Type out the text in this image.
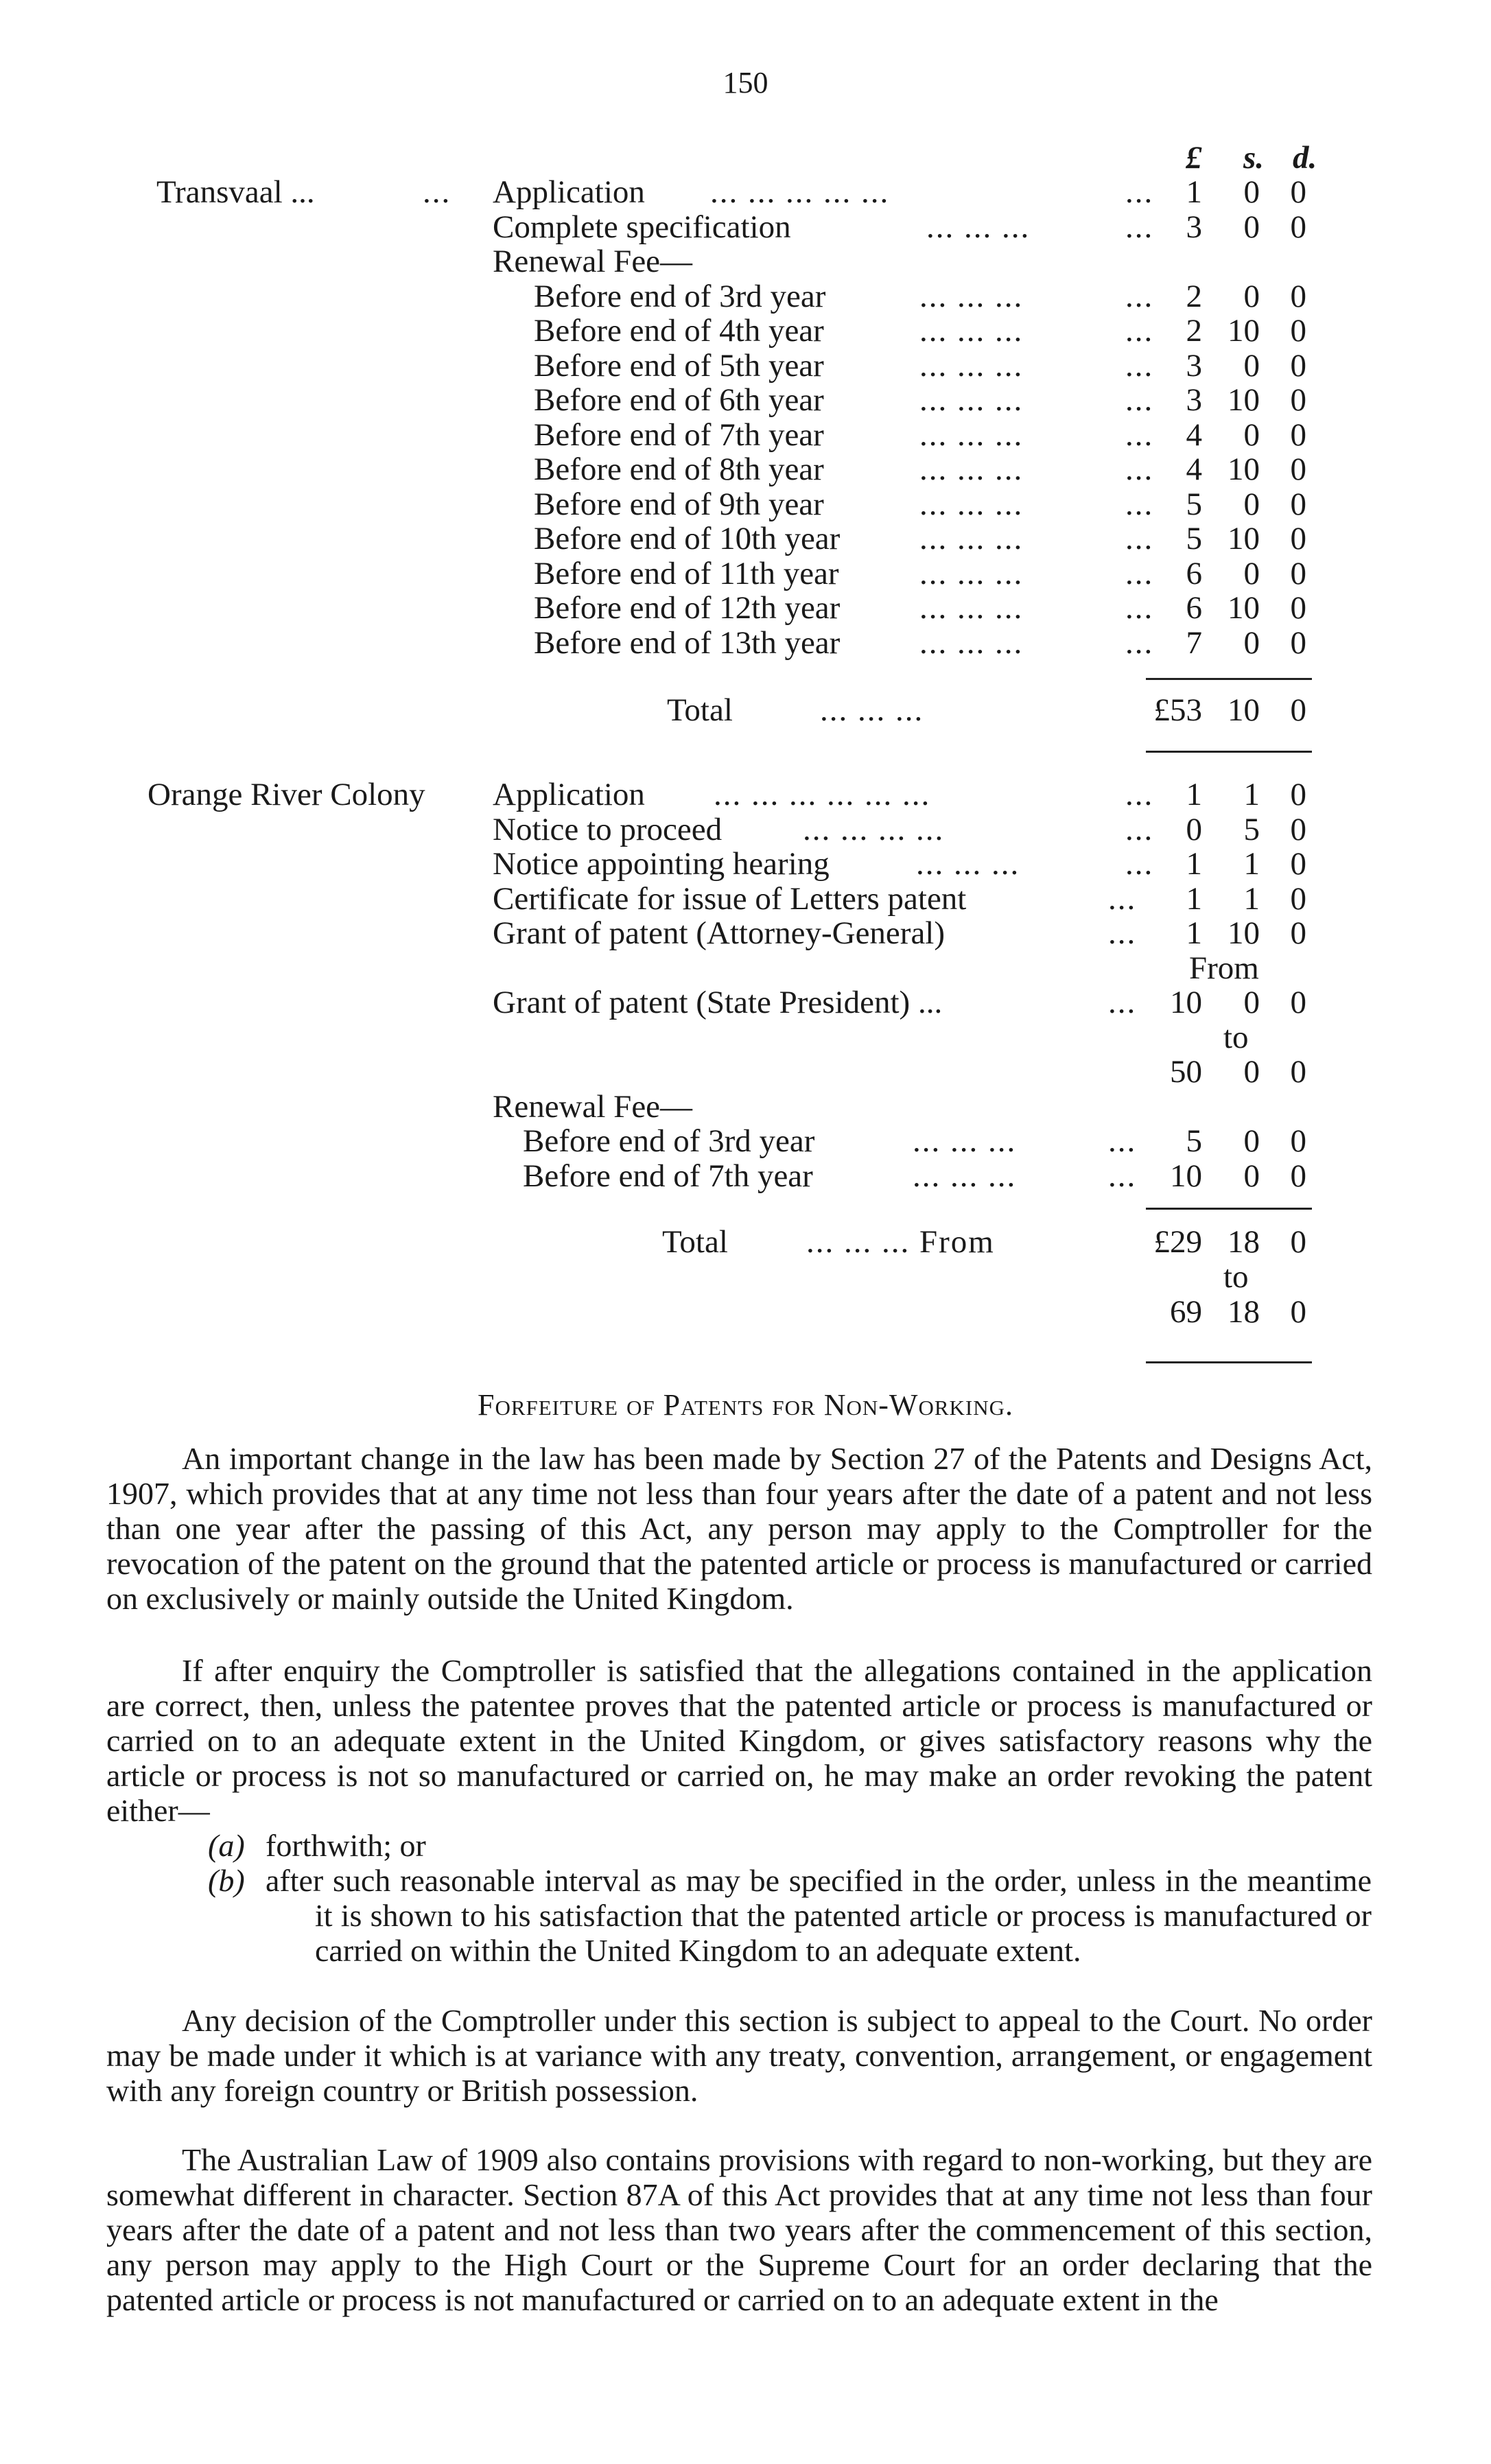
150
£ s. d.
Transvaal ...	... Application ... ... ... ... ...	...	1	0 0
Complete specification	... ... ...	...	3	0 0
Renewal Fee—
Before end of 3rd year	... ... ...	...	2	0 0
Before end of 4th year	... ... ...	...	2 10 0
Before end of 5th year	... ... ...	...	3	0 0
Before end of 6th year	... ... ...	...	3 10 0
Before end of 7th year	... ... ...	...	4	0 0
Before end of 8th year	... ... ...	...	4 10 0
Before end of 9th year	... ... ...	...	5	0 0
Before end of 10th year ... ... ...	...	5 10 0
Before end of 11th year ... ... ...	...	6	0 0
Before end of 12th year ... ... ...	...	6 10 0
Before end of 13th year ... ... ...	...	7	0 0
Total	... ... ...	£53 10 0
Orange River Colony Application ... ... ... ... ... ...	...	1	1 0
Notice to proceed	... ... ... ...	...	0	5 0
Notice appointing hearing	... ... ...	...	1	1 0
Certificate for issue of Letters patent	...	1	1 0
Grant of patent (Attorney-General)	...	1 10 0
From
Grant of patent (State President) ...	...	10	0 0
to
50	0 0
Renewal Fee—
Before end of 3rd year	... ... ...	...	5	0 0
Before end of 7th year	... ... ...	...	10	0 0
Total ... ... ... From	£29 18 0
to
69 18 0
Forfeiture of Patents for Non-Working.

An important change in the law has been made by Section 27 of the Patents and Designs Act, 1907, which provides that at any time not less than four years after the date of a patent and not less than one year after the passing of this Act, any person may apply to the Comptroller for the revocation of the patent on the ground that the patented article or process is manufactured or carried on exclusively or mainly outside the United Kingdom.

If after enquiry the Comptroller is satisfied that the allegations contained in the application are correct, then, unless the patentee proves that the patented article or process is manufactured or carried on to an adequate extent in the United Kingdom, or gives satisfactory reasons why the article or process is not so manufactured or carried on, he may make an order revoking the patent either—

(a) forthwith; or
(b) after such reasonable interval as may be specified in the order, unless in the meantime it is shown to his satisfaction that the patented article or process is manufactured or carried on within the United Kingdom to an adequate extent.

Any decision of the Comptroller under this section is subject to appeal to the Court. No order may be made under it which is at variance with any treaty, convention, arrangement, or engagement with any foreign country or British possession.

The Australian Law of 1909 also contains provisions with regard to non-working, but they are somewhat different in character. Section 87A of this Act provides that at any time not less than four years after the date of a patent and not less than two years after the commencement of this section, any person may apply to the High Court or the Supreme Court for an order declaring that the patented article or process is not manufactured or carried on to an adequate extent in the
